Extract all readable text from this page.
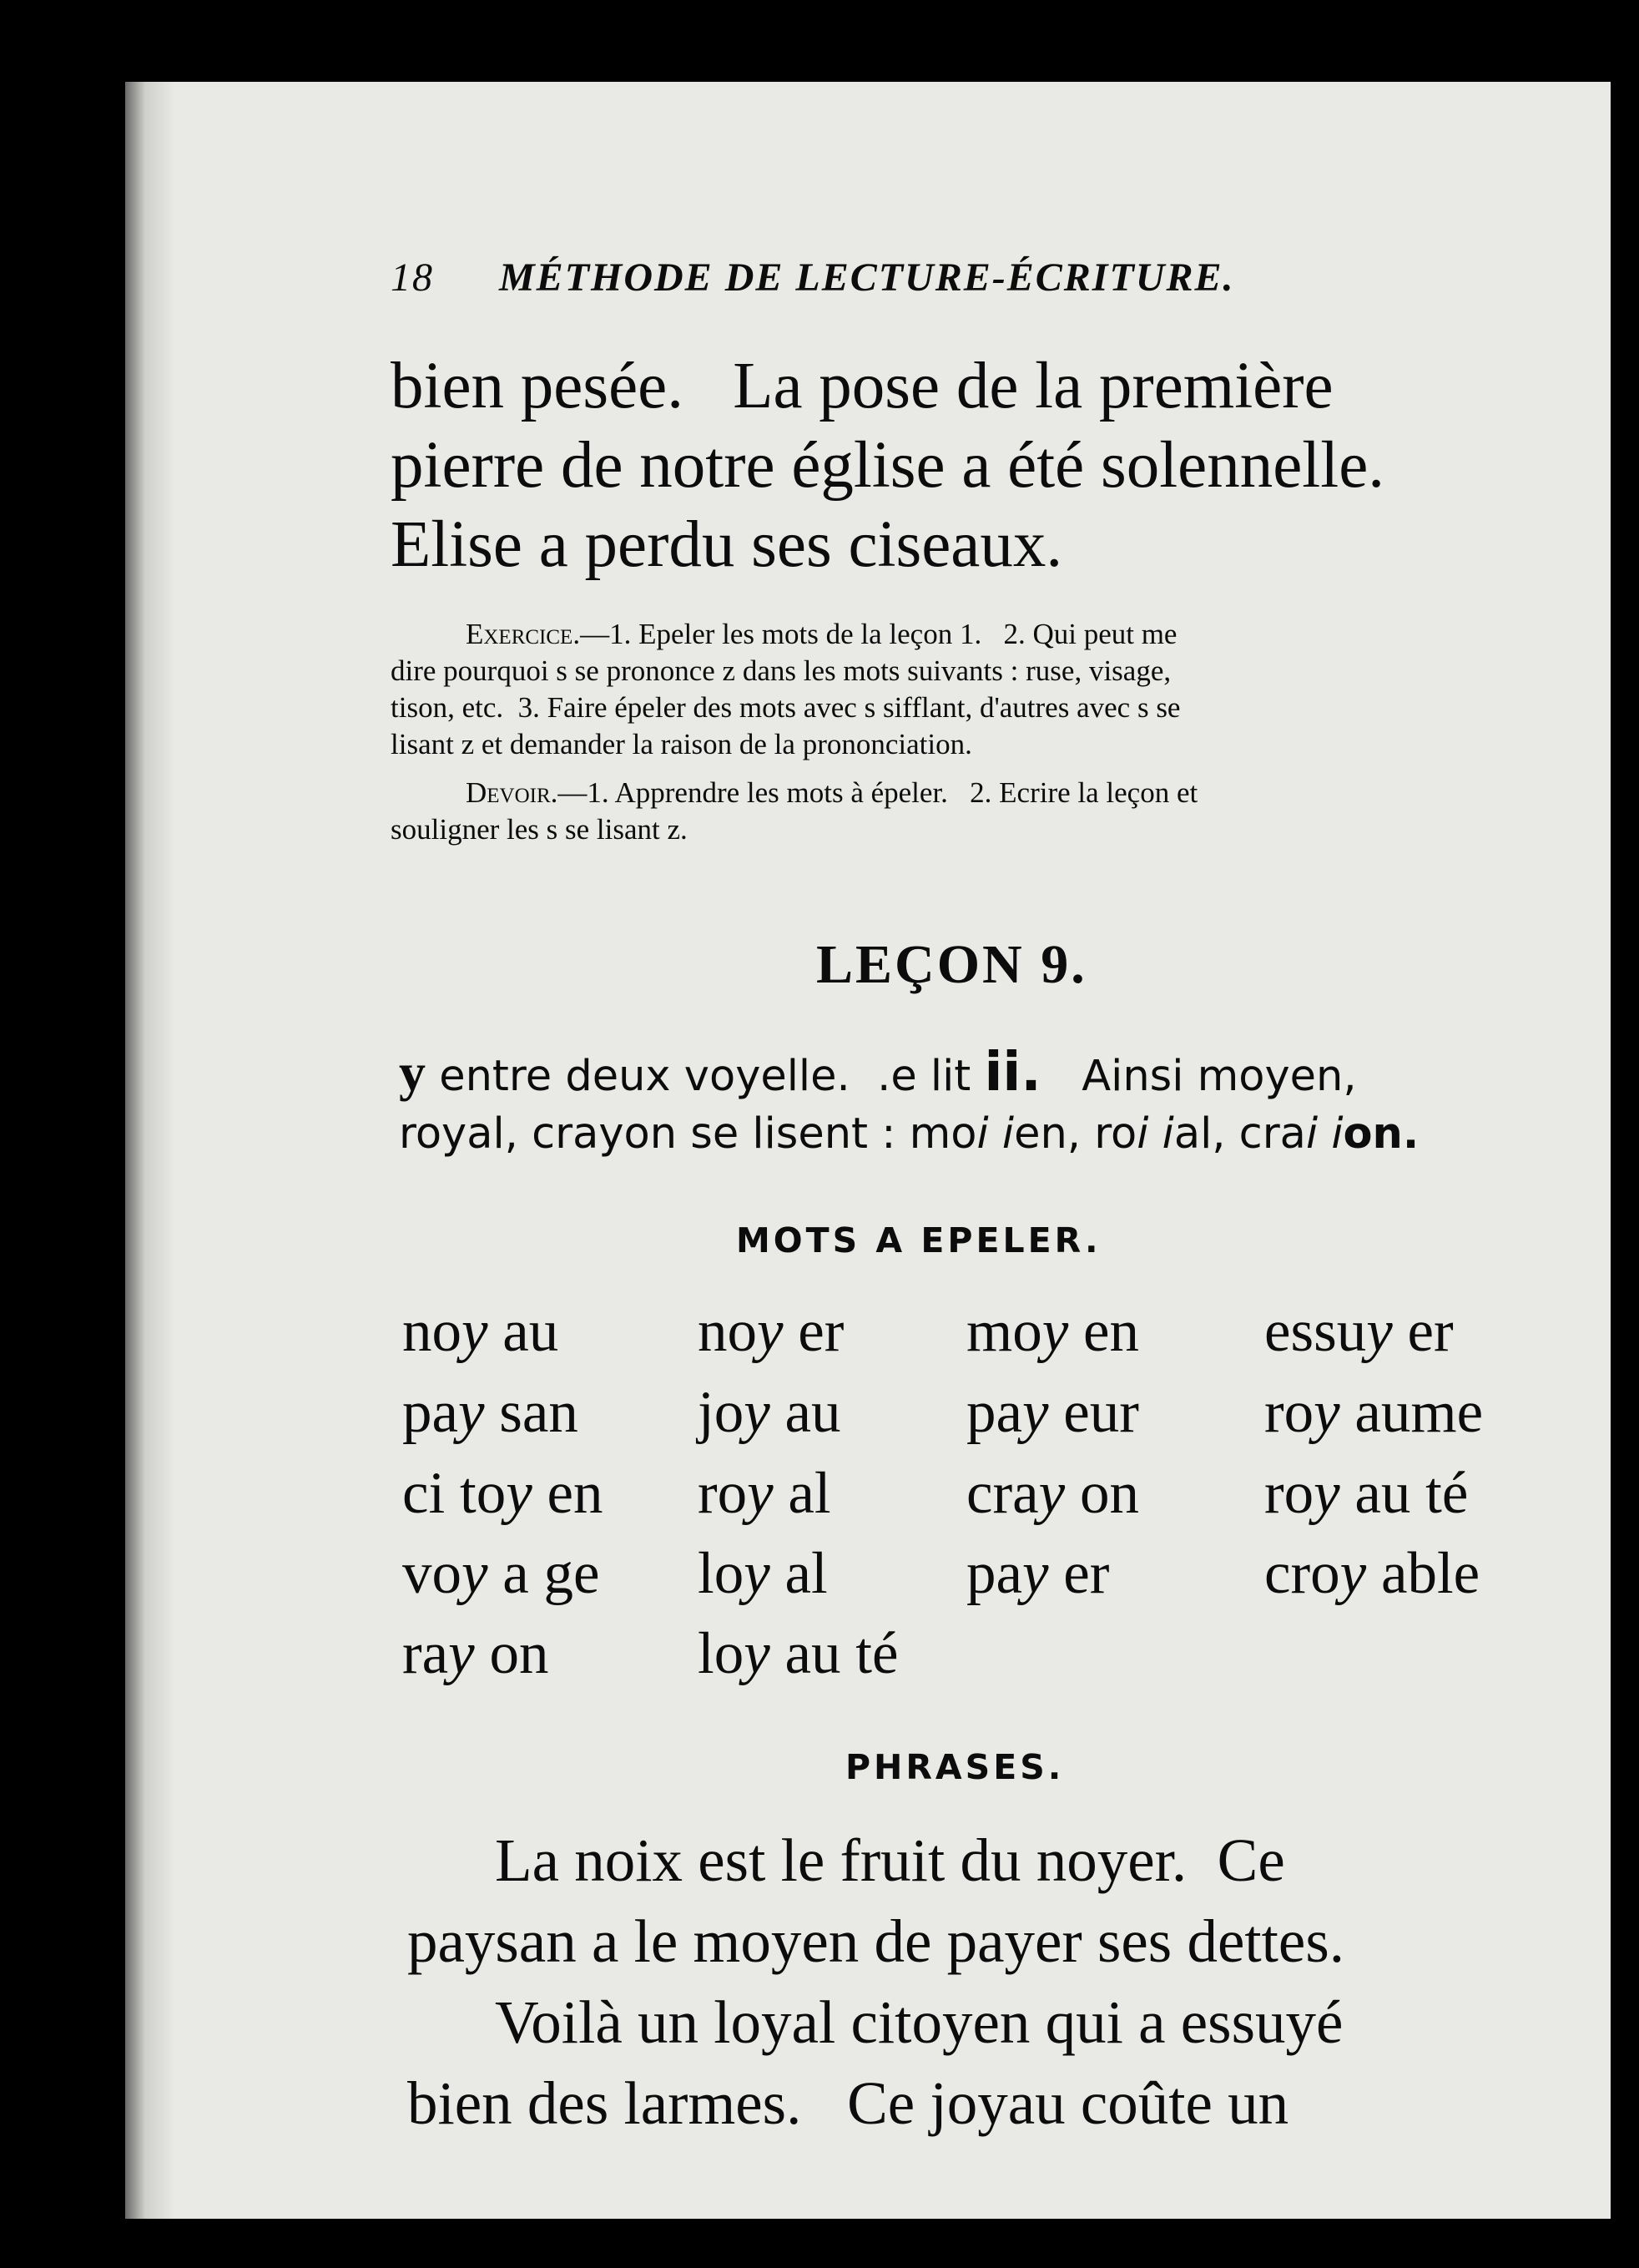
18 MÉTHODE DE LECTURE-ÉCRITURE.
bien pesée.   La pose de la première
pierre de notre église a été solennelle.
Elise a perdu ses ciseaux.
Exercice.—1. Epeler les mots de la leçon 1.   2. Qui peut me
dire pourquoi s se prononce z dans les mots suivants : ruse, visage,
tison, etc.  3. Faire épeler des mots avec s sifflant, d'autres avec s se
lisant z et demander la raison de la prononciation.
Devoir.—1. Apprendre les mots à épeler.   2. Ecrire la leçon et
souligner les s se lisant z.
LEÇON 9.
y entre deux voyelle.  .e lit ii.   Ainsi moyen,
royal, crayon se lisent : moi ien, roi ial, crai ion.
MOTS A EPELER.
noy au noy er moy en essuy er
pay san joy au pay eur roy aume
ci toy en roy al cray on roy au té
voy a ge loy al pay er	croy able
ray on	loy au té
PHRASES.
La noix est le fruit du noyer.  Ce
paysan a le moyen de payer ses dettes.
Voilà un loyal citoyen qui a essuyé
bien des larmes.   Ce joyau coûte un
